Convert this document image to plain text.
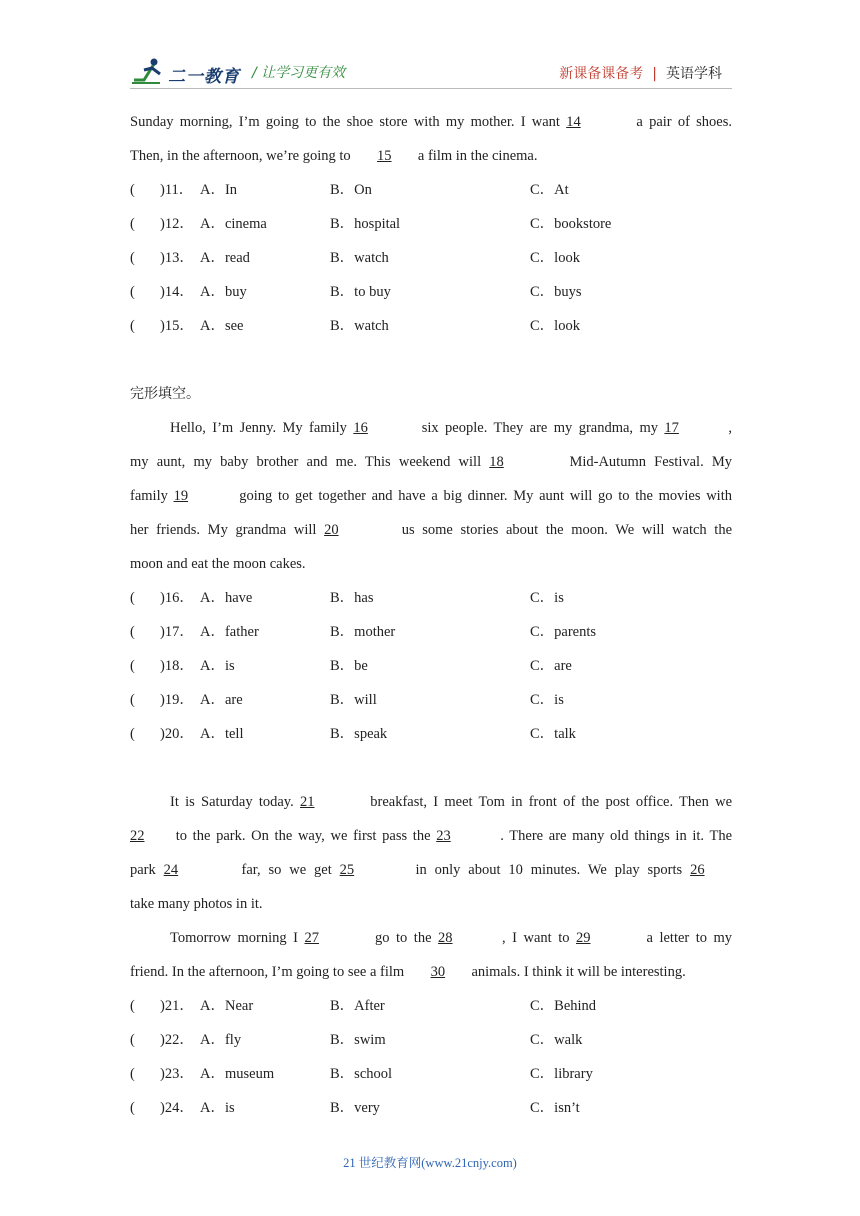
二一教育 / 让学习更有效	新课备课备考 | 英语学科
Sunday morning, I’m going to the shoe store with my mother. I want 14	a pair of shoes.
Then, in the afternoon, we’re going to 15 a film in the cinema.
( )11． A．In	B．On	C．At
( )12． A．cinema	B．hospital	C．bookstore
( )13． A．read	B．watch	C．look
( )14． A．buy	B．to buy	C．buys
( )15． A．see	B．watch	C．look
完形填空。
Hello, I’m Jenny. My family 16	six people. They are my grandma, my 17	,
my aunt, my baby brother and me. This weekend will 18	Mid-Autumn Festival. My
family 19	going to get together and have a big dinner. My aunt will go to the movies with
her friends. My grandma will 20	us some stories about the moon. We will watch the
moon and eat the moon cakes.
( )16． A．have	B．has	C．is
( )17． A．father	B．mother	C．parents
( )18． A．is	B．be	C．are
( )19． A．are	B．will	C．is
( )20． A．tell	B．speak	C．talk
It is Saturday today. 21	breakfast, I meet Tom in front of the post office. Then we
22 to the park. On the way, we first pass the 23	. There are many old things in it. The
park 24	far, so we get 25	in only about 10 minutes. We play sports 26
take many photos in it.
Tomorrow morning I 27	go to the 28	, I want to 29	a letter to my
friend. In the afternoon, I’m going to see a film 30 animals. I think it will be interesting.
( )21． A．Near	B．After	C．Behind
( )22． A．fly	B．swim	C．walk
( )23． A．museum	B．school	C．library
( )24． A．is	B．very	C．isn’t
21 世纪教育网(www.21cnjy.com)
